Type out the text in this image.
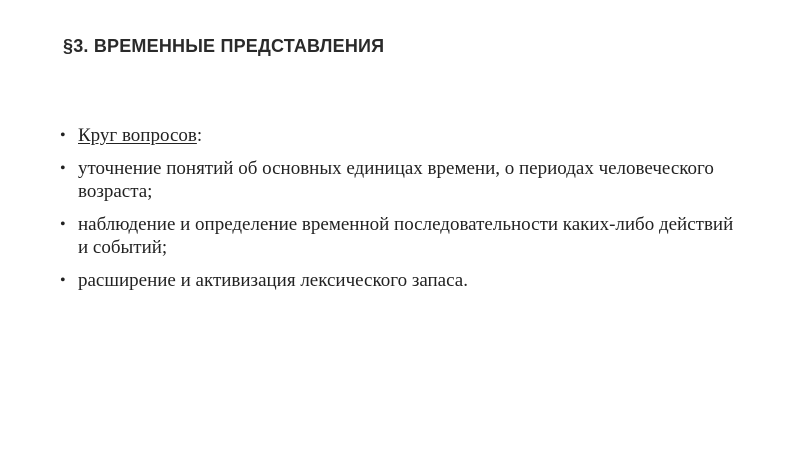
§3. ВРЕМЕННЫЕ ПРЕДСТАВЛЕНИЯ
• Круг вопросов:
• уточнение понятий об основных единицах времени, о периодах человеческого возраста;
• наблюдение и определение временной последовательности каких-либо действий и событий;
• расширение и активизация лексического запаса.
